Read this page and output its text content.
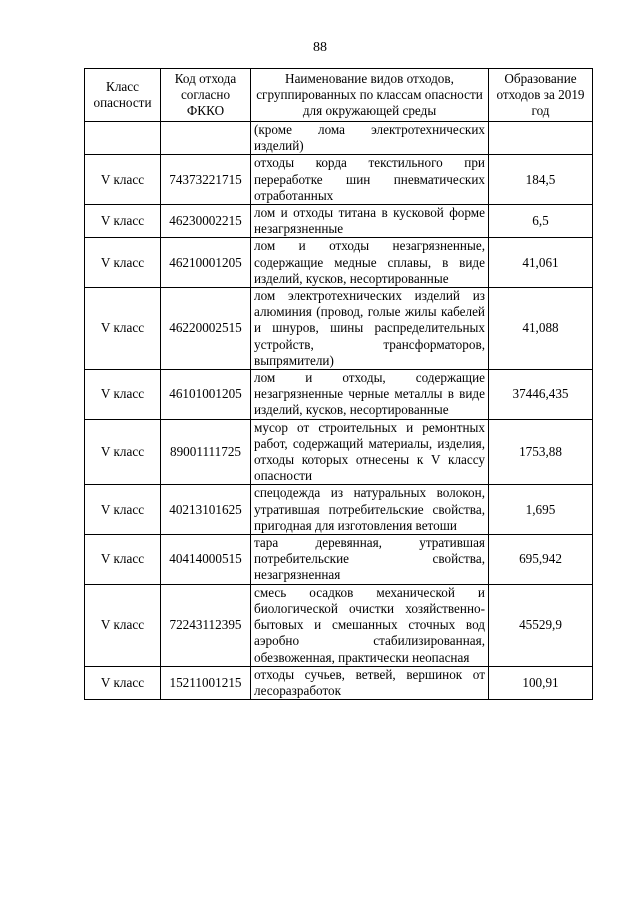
88
Класс опасности	Код отхода согласно ФККО	Наименование видов отходов, сгруппированных по классам опасности для окружающей среды	Образование отходов за 2019 год
		(кроме лома электротехнических изделий)	
V класс	74373221715	отходы корда текстильного при переработке шин пневматических отработанных	184,5
V класс	46230002215	лом и отходы титана в кусковой форме незагрязненные	6,5
V класс	46210001205	лом и отходы незагрязненные, содержащие медные сплавы, в виде изделий, кусков, несортированные	41,061
V класс	46220002515	лом электротехнических изделий из алюминия (провод, голые жилы кабелей и шнуров, шины распределительных устройств, трансформаторов, выпрямители)	41,088
V класс	46101001205	лом и отходы, содержащие незагрязненные черные металлы в виде изделий, кусков, несортированные	37446,435
V класс	89001111725	мусор от строительных и ремонтных работ, содержащий материалы, изделия, отходы которых отнесены к V классу опасности	1753,88
V класс	40213101625	спецодежда из натуральных волокон, утратившая потребительские свойства, пригодная для изготовления ветоши	1,695
V класс	40414000515	тара деревянная, утратившая потребительские свойства, незагрязненная	695,942
V класс	72243112395	смесь осадков механической и биологической очистки хозяйственно-бытовых и смешанных сточных вод аэробно стабилизированная, обезвоженная, практически неопасная	45529,9
V класс	15211001215	отходы сучьев, ветвей, вершинок от лесоразработок	100,91
